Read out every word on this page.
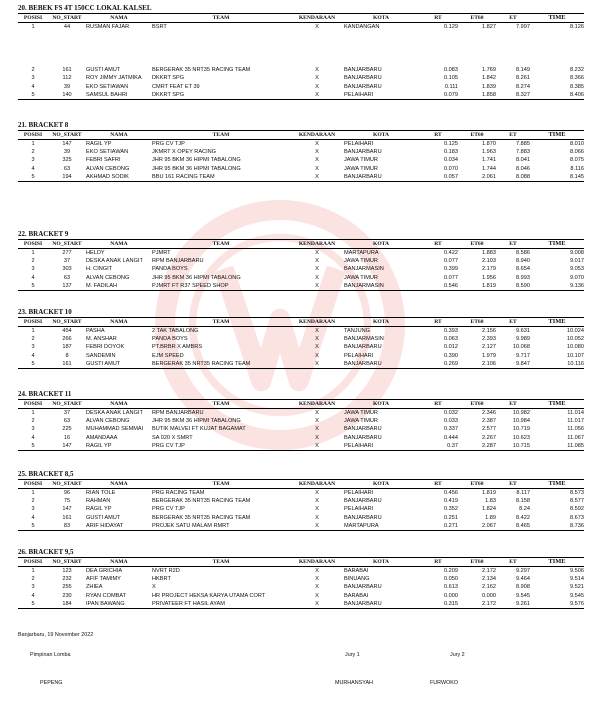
20. BEBEK FS 4T 150CC LOKAL KALSEL
POSISI	NO_START	NAMA	TEAM	KENDARAAN	KOTA	RT	ET60	ET	TIME
1	44	RUSMAN FAJAR	BSRT	X	KANDANGAN	0.129	1.827	7.997	8.126

2	161	GUSTI AMUT	BERGERAK 35 NRT35 RACING TEAM	X	BANJARBARU	0.083	1.769	8.149	8.232
3	112	ROY JIMMY JATMIKA	DKKRT SPG	X	BANJARBARU	0.105	1.842	8.261	8.366
4	39	EKO SETIAWAN	CMRT FEAT ET 39	X	BANJARBARU	0.111	1.839	8.274	8.385
5	140	SAMSUL BAHRI	DKKRT SPG	X	PELAIHARI	0.079	1.858	8.327	8.406
21. BRACKET 8
POSISI	NO_START	NAMA	TEAM	KENDARAAN	KOTA	RT	ET60	ET	TIME
1	147	RAGIL YP	PRG CV TJP	X	PELAIHARI	0.125	1.870	7.885	8.010
2	39	EKO SETIAWAN	JKMRT X OPEY RACING	X	BANJARBARU	0.183	1.963	7.883	8.066
3	325	FEBRI SAFRI	JHR 95 BKM 36 HIPMI TABALONG	X	JAWA TIMUR	0.034	1.741	8.041	8.075
4	63	ALVAN CEBONG	JHR 95 BKM 36 HIPMI TABALONG	X	JAWA TIMUR	0.070	1.744	8.046	8.116
5	194	AKHMAD SODIK	BBU 161 RACING TEAM	X	BANJARBARU	0.057	2.061	8.088	8.145
22. BRACKET 9
POSISI	NO_START	NAMA	TEAM	KENDARAAN	KOTA	RT	ET60	ET	TIME
1	277	HELDY	PJMRT	X	MARTAPURA	0.422	1.883	8.586	9.008
2	37	DESKA ANAK LANGIT	RPM BANJARBARU	X	JAWA TIMUR	0.077	2.103	8.940	9.017
3	303	H. CINGIT	PANDA BOYS	X	BANJARMASIN	0.399	2.179	8.654	9.053
4	63	ALVAN CEBONG	JHR 95 BKM 36 HIPMI TABALONG	X	JAWA TIMUR	0.077	1.956	8.993	9.070
5	137	M. FADILAH	PJMRT FT R37 SPEED SHOP	X	BANJARMASIN	0.546	1.819	8.590	9.136
23. BRACKET 10
POSISI	NO_START	NAMA	TEAM	KENDARAAN	KOTA	RT	ET60	ET	TIME
1	454	PASHA	2 TAK TABALONG	X	TANJUNG	0.393	2.156	9.631	10.024
2	266	M. ANSHAR	PANDA BOYS	X	BANJARMASIN	0.063	2.393	9.989	10.052
3	187	FEBRI DOYOK	PT.BRBR X AMBRS	X	BANJARBARU	0.012	2.127	10.068	10.080
4	8	SANDEMIN	EJM SPEED	X	PELAIHARI	0.390	1.979	9.717	10.107
5	161	GUSTI AMUT	BERGERAK 35 NRT35 RACING TEAM	X	BANJARBARU	0.269	2.106	9.847	10.116
24. BRACKET 11
POSISI	NO_START	NAMA	TEAM	KENDARAAN	KOTA	RT	ET60	ET	TIME
1	37	DESKA ANAK LANGIT	RPM BANJARBARU	X	JAWA TIMUR	0.032	2.346	10.982	11.014
2	63	ALVAN CEBONG	JHR 95 BKM 36 HIPMI TABALONG	X	JAWA TIMUR	0.033	2.387	10.984	11.017
3	225	MUHAMMAD SEMMAI	BUTIK MALVEI FT KUJAT BAGAMAT	X	BANJARBARU	0.337	2.577	10.719	11.056
4	16	AMANDAAA	SA 020 X SMRT	X	BANJARBARU	0.444	2.267	10.623	11.067
5	147	RAGIL YP	PRG CV TJP	X	PELAIHARI	0.37	2.287	10.715	11.085
25. BRACKET 8,5
POSISI	NO_START	NAMA	TEAM	KENDARAAN	KOTA	RT	ET60	ET	TIME
1	96	RIAN TOLE	PRG RACING TEAM	X	PELAIHARI	0.456	1.819	8.117	8.573
2	75	RAHMAN	BERGERAK 35 NRT35 RACING TEAM	X	BANJARBARU	0.419	1.83	8.158	8.577
3	147	RAGIL YP	PRG CV TJP	X	PELAIHARI	0.352	1.824	8.24	8.592
4	161	GUSTI AMUT	BERGERAK 35 NRT35 RACING TEAM	X	BANJARBARU	0.251	1.89	8.422	8.673
5	83	ARIF HIDAYAT	PROJEK SATU MALAM RMRT	X	MARTAPURA	0.271	2.067	8.465	8.736
26. BRACKET 9,5
POSISI	NO_START	NAMA	TEAM	KENDARAAN	KOTA	RT	ET60	ET	TIME
1	123	DEA GRICHIA	NVRT R2D	X	BARABAI	0.209	2.172	9.297	9.506
2	232	AFIF TAMIMY	HKBRT	X	BINUANG	0.050	2.134	9.464	9.514
3	255	ZHIEA	X	X	BANJARBARU	0.613	2.162	8.908	9.521
4	230	RYAN COMBAT	HR PROJECT HEKSA KARYA UTAMA CORT	X	BARABAI	0.000	0.000	9.545	9.545
5	184	IPAN BAWANG	PRIVATEER FT HASIL AYAM	X	BANJARBARU	0.315	2.172	9.261	9.576
Banjarbaru, 19 November 2022
Pimpinan Lomba	Jury 1	Jury 2
PEPENG	MURHANSYAH	FURWOKO
